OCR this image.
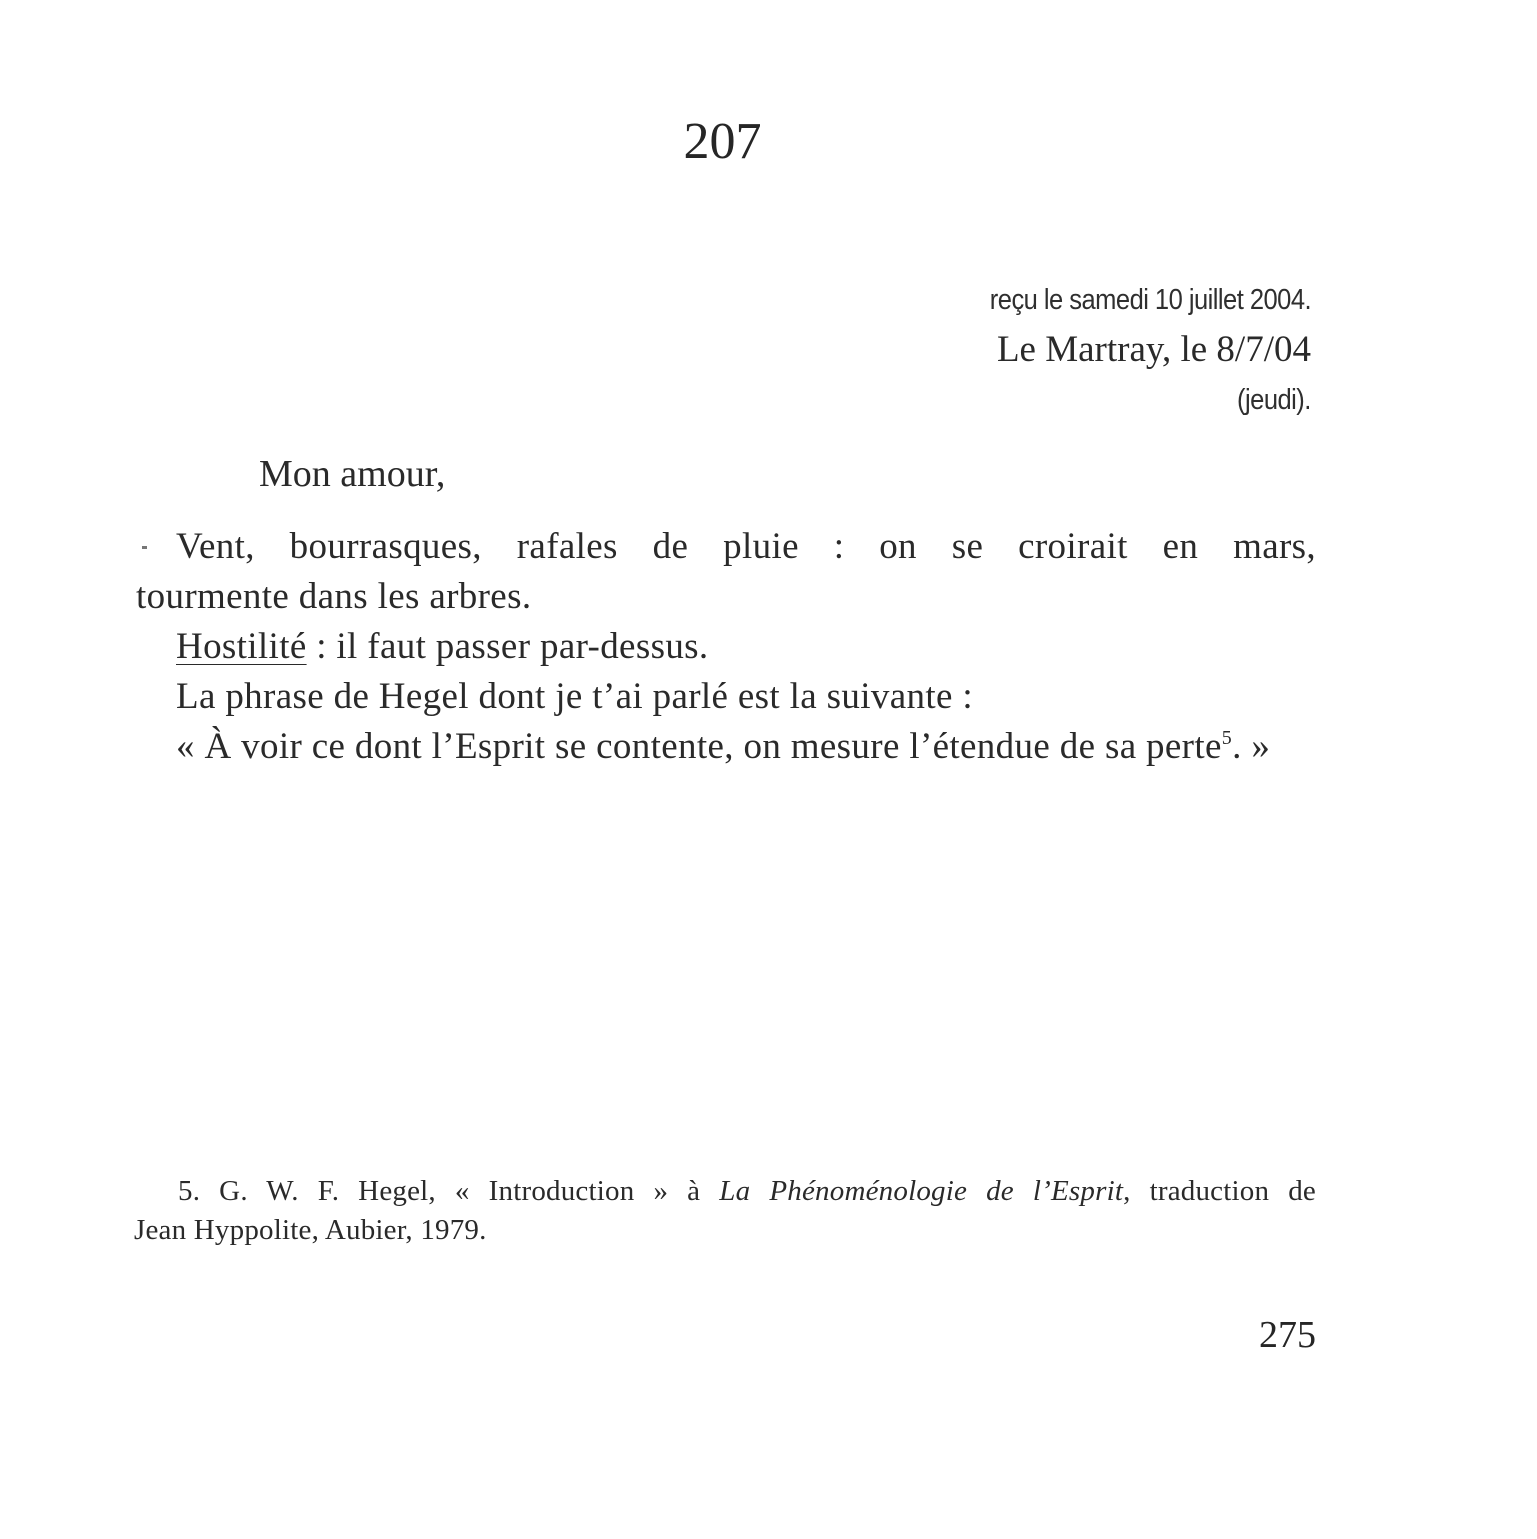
207
reçu le samedi 10 juillet 2004.
Le Martray, le 8/7/04
(jeudi).
Mon amour,

Vent, bourrasques, rafales de pluie : on se croirait en mars,
tourmente dans les arbres.

Hostilité : il faut passer par-dessus.

La phrase de Hegel dont je t’ai parlé est la suivante :

« À voir ce dont l’Esprit se contente, on mesure l’étendue de sa perte$^5$. »

5. G. W. F. Hegel, « Introduction » à La Phénoménologie de l’Esprit, traduction de
Jean Hyppolite, Aubier, 1979.
275
